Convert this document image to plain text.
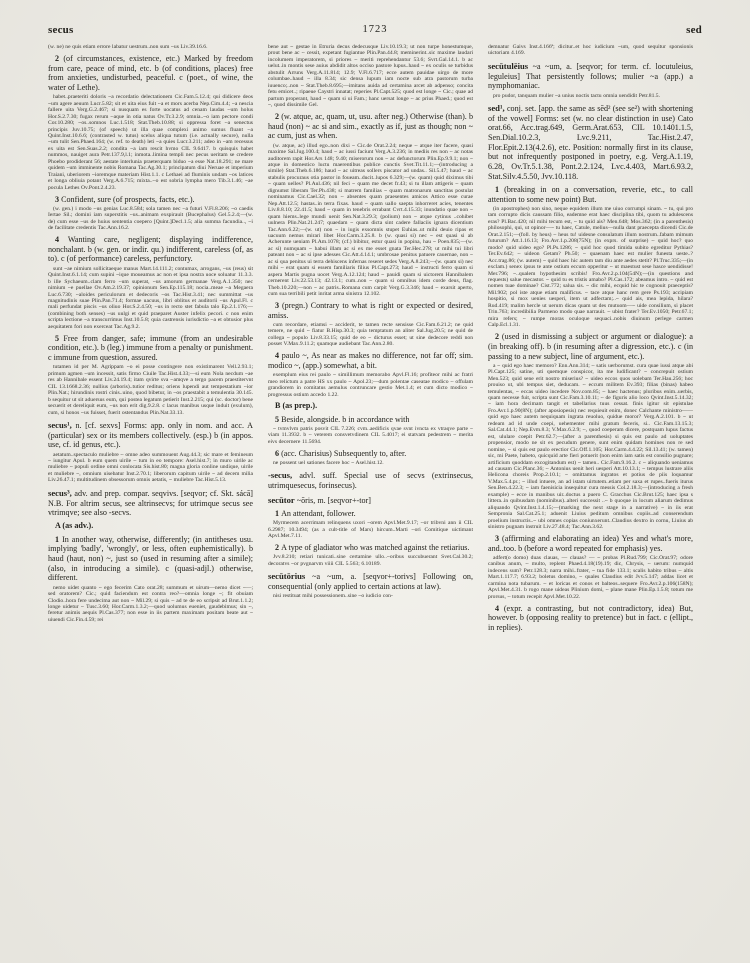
secus	1723	sed

(w. ne) ne quis etiam errore labatur uestrum..non sum ~us Liv.39.16.6.

2 (of circumstances, existence, etc.) Marked by freedom from care, peace of mind, etc. b (of conditions, places) free from anxieties, undisturbed, peaceful. c (poet., of wine, the water of Lethe).

habet..praeteriti doloris ~a recordatio delectationem Cic.Fam.5.12.4; qui didicere deos ~um agere aeuum Lucr.5.82; sit et uita eius fuit ~a et mors acerba Nep.Cim.4.4; ~a nescia fallere uita Verg.G.2.467; si nusquam es forte uocatus ad cenam laudas ~um holus Hor.S.2.7.30; fugax rerum ~aque in otia natus Ov.Tr.3.2.9; omnia..~o iam pectore condi Cor.10.280; ~os..somnos Luc.1.518; Stat.Theb.10.88; si oppressa foret ~a senectus principis Juv.10.75; (of speech) ut illa quae complexi animo sumus fluant ~a Quint.Inst.10.6.6; (contrasted w. tutus) scelus aliqua tutum (i.e. actually secure), nulla ~um tulit Sen.Phaed.164; (w. ref. to death) leti ~a quies Lucr.3.211; adeo in ~am recessus ex uita est Sen.Suas.2.2; condita ~a iam rescit hvmo CIL 9.6417. b quisquis habet nummos, nauiget aura Petr.137.9,l.1; inmota..limina templi nec pecus ueritam se credere Phoebo prodiderant 56; aestate interlunia praeterquam biduo ~a esse Nat.18.291; ne mare quidem ~um imminente nobis Romana Tac.Ag.30.1; principatum diui Neruae et imperium Traiani, uberiorem ~ioremque materiam Hist.1.1. c Lethaei ad fluminis undam ~os latices et longa obliuia potant Verg.A.6.715; mixta..~o est sobria lympha mero Tib.3.1.46; ~ae pocula Lethes Ov.Pont.2.4.23.

3 Confident, sure (of prospects, facts, etc.).

(w. gen.) i modo ~us genias Luc.8.584; sola tamen nec ~a futuri V.Fl.8.206; ~o caedis Iertae Sil.; domini iam superstitis ~us..animam exspirauit (Bucephalus) Gel.5.2.4;—(w. de) cum esse ~us de huius sententia coepero [Quint.]Decl.1.5; alia summa facundia.., ~i de facilitate credentis Tac.Ann.16.2.

4 Wanting care, negligent; displaying indifference, nonchalant. b (w. gen. or indir. qu.) indifferent, careless (of, as to). c (of performance) careless, perfunctory.

sunt ~ae nimium sollicitaeque manus Mart.14.111.2; contumax, arrogans, ~us (reus) sit Quint.Inst.6.1.14; cum supini ~ique moueamus ac non et ipsa nostra uoce soluatur 11.3.3. b ille Sychaeum..clam ferro ~um superat, ~us amorum germanae Verg.A.1.350; nec nimium ~e puellae Ov.Am.2.19.37; opinionum Sen.Ep.115.18; nocia..meae ~a Megaera Luc.6.730; ~aloides periculorum et dedecoris ~os Tac.Hist.3.41; nec summittat ~us magnitudinis suae Plin.Pan.71.4; formae uacuus, libri oblitus et auditorii ~us Apul.Fl. c mali perfundat piscis ~us oliuo Hor.S.2.4.50; ~us in recto stet fabula talo Ep.2.1.176;—(combining both senses) ~us uulgi et quid praeparet Auster infelix pecori. c non enim scripta lectione ~a transcurrimus Inst.10.5.8; quia castrensis iurisdictio ~a et obtusior plus aequitatem fori non exerceat Tac.Ag.9.2.

5 Free from danger, safe; immune (from an undesirable condition, etc.). b (leg.) immune from a penalty or punishment. c immune from question, assured.

tutamen id per M. Agrippam ~o ei posse contingere non existimarent Vell.2.93.1; primum agmen ~um incessit, satis firmo Ciuile Tac.Hist.4.33;—si eum Nola necdum ~ae res ab Hannibale essent Liv.24.19.4; itam qvirte sva ~amqve a tergo pacem praestitervnt CIL 13.1668.2.36; nullius (arboris)..tutior reditus; oriens lupendi aut tempestatium ~ior Plin.Nat.; hirundinis rostri cinis..uino, quod bibetur, in ~os praestabit a temulentia 30.145. b sequitur ut sit aduersus eum, qui postea legatum petierit Inst.2.215; qui (sc. doctor) bene secuerit et dereliquit eum, ~us non erit dig.9.2.8. c lacus manibus usque induit (exulum), cum, si honos ~us fuisset, fuerit ostentandus Plin.Nat.33.13.

secus¹, n. [cf. sexvs] Forms: app. only in nom. and acc. A (particular) sex or its members collectively. (esp.) b (in appos. use, cf. id genus, etc.).

aetatum..spectaculo muliebre ~ omne adeo summouent Aug.44.3; sic mare et femineum ~ iungitur Apul. b eum quem uirile ~ tum in eo tempore: Asel.hist.7; in muro uirile ac muliebre ~ populi ordine omni conlocata Sis.hist.80; magna gloria conline undique, uirile et muliebre ~, omnium uisebatur Inst.2.70.1; liberorum capitum uirile ~ ad decem milia Liv.26.47.1; multitudinem obsessorum omnis aetatis, ~ muliebre Tac.Hist.5.13.

secus³, adv. and prep. compar. seqvivs. [seqvor; cf. Skt. sácā] N.B. For altrim secus, see altrinsecvs; for utrimque secus see vtrimqve; see also -secvs.

A (as adv.).

1 In another way, otherwise, differently; (in antitheses usu. implying 'badly', 'wrongly', or less, often euphemistically). b haud (haut, non) ~, just so (used in resuming after a simile); (also, in introducing a simile). c (quasi-adjl.) otherwise, different.

nemo uidet quanto ~ ego fecerim Cato orat.28; summum et uirum—nemo dicet ~—; sed oratorem? Cic.; quid faciendum est contra reo?—omnia longe ~; fit obuiam Clodio..hora fere undecima aut non ~ Mil.29; si quis ~ ad te de eo scripsit ad Brut.1.1.2; longe uidetur ~ Tusc.3.60; Hor.Carm.1.3.2;—quod uolumus eueniet, gaudebimus; sin ~, feretur animis aequis Pl.Cas.377; non esse in iis partem maximam positam beate aut ~ uiuendi Cic.Fin.4.59; rei

bene aut ~ gestae in Etruria decus dedecusque Liv.10.19.3; ut non turpe honestumque, prout bene ac ~ cessit, expetant fugiantue Plin.Pan.44.8; meminerint..sic maxime laudari incolumem imperatorem, si priores ~ meriti reprehendantur 53.6; Svrt.Gal.14.1. b ac uelut..in montis sese auius abdidit altos occiso pastore lupus..haud ~ ex oculis se turbidus abstulit Arruns Verg.A.11.814; 12.9; V.Fl.6.717; ecce autem pauidae uirgo de more columbae..haud ~ illa 8.34; sic densa lupum iam nocte sub atra pastorum turba iuuenco;..non ~ Stat.Theb.8.695;—imitans auida ad certamina arcet ab adpenso; concita fetu emicet..; ripaeue Caystri innatat; reperies Pl.Capt.525; quod est longe ~ Cic.; quae ad partum properant, haud ~ quam si ui Fam.; hanc uersat longe ~ ac prius Phaed.; quod est ~, quod dissimile Gel.

2 (w. atque, ac, quam, ut, usu. after neg.) Otherwise (than). b haud (non) ~ ac si and sim., exactly as if, just as though; non ~ ac cum, just as when.

(w. atque, ac) illud ego..non dixi ~ Cic.de Orat.2.24; neque ~ atque iter facere, quasi maxime Sal.Jug.100.4; haud ~ ac iussi faciunt Verg.A.3.236; in mediis res non ~ ac notas auditorem rapit Hor.Ars 148; 9.40; miserorum non ~ ac defunctorum Plin.Ep.9.9.1; non ~ atque in domestico luctu maerentibus publice cunctis Svet.Tit.11.1;—(introducing a simile) Stat.Theb.6.186; haud ~ ac uitreas sollers piscator ad undas.. Sil.5.47; haud ~ ac stabulis procuraus otia pastor in foueam..ducit..lupos 6.329;—(w. quam) quid diximus tibi ~ quam uelles? Pl.Aul.436; nil feci ~ quam me decet fr.43; si tu illam attigeris ~ quam dignumst liberam Ter.Ph.438; si matrem familias ~ quam matronarum sanctitas postulat nominamus Cic.Cael.32; non ~ absentes quam praesentes amicos Attico esse curae Nep.Att.12.5; hastas..in terra fixas. haud ~ quam uallo saepta inhorreret acies, tenentes Liv.8.8.10; 22.41.5; haud ~ quam in tenebris errabant Cvrt.4.15.33; inundatio quae non ~ quam hiems..lege mundi uenit Sen.Nat.3.29.3; (polium) non ~ atque cytinus ..cohibet uulnera Plin.Nat.21.247; quaedam ~ quam dicta sint cadere fallaciis ignara dicentium Tac.Ann.6.22;—(w. ut) non ~ in iugis exsomnis stupet Euhias..ut mihi deuio ripas et uacuum nemus mirari libet Hor.Carm.3.25.8. b (w. quasi si) nec ~ est quasi si ab Acherunte ueniam Pl.Am.1078; (cf.) bibitur, estur quasi in popina, hau ~ Poen.835;—(w. ac si) numquam ~ habui illam ac si ex me esset gnata Ter.Hec.278; ut mihi tui libri pateant non ~ ac si ipse adesses Cic.Att.4.14.1; umbrosae penitus patuere cauernae, non ~ ac si qua penitus ui terra dehiscens infernas reseret sedes Verg.A.8.243;—(w. quam si) nec mihi ~ erat quam si essem familiaris filius Pl.Capt.273; haud ~ instructi ferro quam si aspera Martis pugna uocet Verg.A.12.124; haud ~ pauidi quam si uictorem Hannibalem cernerent Liv.22.53.13; 42.13.1; cum..non ~ quam si omnibus idem corde deus, flag. Theb.10.220;—non ~ ac patris..Romana cum carpit Verg.G.3.346; haud ~ exarsit aperto, cum sua terribili petit inritat arma sinistra 12.102.

3 (pregn.) Contrary to what is right or expected or desired, amiss.

cum recordare, etiamsi ~ acciderit, te tamen recte sensisse Cic.Fam.6.21.2; ne quid temere, ne quid ~ fiatur B.Hisp.30.3; quia temptatum an aliter Sal.Jug.20.5; ne quid de collega ~ populo Liv.8.33.15; quid de eo ~ dicturus esset; ut sine dedecore reddi non posset V.Max.9.11.2; quamque audiebant Tac.Ann.2.80.

4 paulo ~, As near as makes no difference, not far off; sim. modico ~, (app.) somewhat, a bit.

exemplum eius rei paulo ~ simillimum memorabo Apvl.Fl.16; profiteor mihi ac fratri meo relictum a patre HS xx paulo ~ Apol.23;—dum polentae caseatae modico ~ offulam grandiorem in comitatus aemulus contruncare gestio Met.1.4; et cum dicto modico ~ progressus ostium accedo 1.22.

B (as prep.).

5 Beside, alongside. b in accordance with

~ tvmvlvm patris posvit CIL 7.226; cvm..aedificis qvae svnt ivncta ex vtraqve parte ~ viam 11.3932. b ~ veterem consvetvdinem CIL 5.4017; ei statvam pedestrem ~ merita eivs decernere 11.5694.

6 (acc. Charisius) Subsequently to, after.

ne possent uel sationes facere hoc ~ Asel.hist.12.

-secus, advl. suff. Special use of secvs (extrinsecus, utrimquesecus, forinsecus).

secūtor ~ōris, m. [seqvor+-tor]

1 An attendant, follower.

Myrmecem acerrimam relinquens uxori ~orem Apvl.Met.9.17; ~or tribvni ann ii CIL 6.2987; 10.3494; (as a cult-title of Mars) hircum..Marti ~ori Comitique uictimant Apvl.Met.7.11.

2 A type of gladiator who was matched against the retiarius.

Jvv.8.210; retiari tunicati..sine certamine ullo..~oribus succubuerant Svet.Cal.30.2; decoratvs ~or pvgnarvm viiii CIL 5.563; 6.10189.

secūtōrius ~a ~um, a. [seqvor+-torivs] Following on, consequential (only applied to certain actions at law).

nisi restituat mihi possessionem..sine ~o iudicio con-

demnatur Gaivs Inst.4.166ª; dicitur..et hoc iudicium ~um, quod sequitur sponsionis uictoriam 4.169.

secūtulēius ~a ~um, a. [seqvor; for term. cf. locutuleius, leguleius] That persistently follows; mulier ~a (app.) a nymphomaniac.

pro pudor, tanquam mulier ~a unius noctis tactu omnia uendidit Petr.81.5.

sed¹, conj. set. [app. the same as sēd² (see se²) with shortening of the vowel] Forms: set (w. no clear distinction in use) Cato orat.66, Acc.trag.649, Germ.Arat.653, CIL 10.1401.1.5, Sen.Dial.10.2.3, Lvc.9.211, Tac.Hist.2.47, Flor.Epit.2.13(4.2.6), etc. Position: normally first in its clause, but not infrequently postponed in poetry, e.g. Verg.A.1.19, 6.28, Ov.Tr.5.1.38, Pont.2.2.124, Lvc.4.403, Mart.6.93.2, Stat.Silv.4.5.50, Jvv.10.118.

1 (breaking in on a conversation, reverie, etc., to call attention to some new point) But.

(in apostrophes) non sino, neque equidem illum me uiuo corrumpi sinam. ~ tu, qui pro tam corrupto dicis caussam filio, eademne erat haec disciplina tibi, quom tu adulescens eras? Pl.Bac.420; nil mihi tecum est, ~ tu quid ais? Men.648; Mos.362; (in a parenthesis) philosophi, qui, ut opinor—~ tu haec, Catule, melius—nulla dant praecepta dicendi Cic.de Orat.2.151;—(foll. by heus) ~ heus tu! uidesne consulatum illum nostrum..fabam mimum futurum? Att.1.16.13; Fro.Avr.1.p.208(75N); (in exprs. of surprise) ~ quid hoc? quo modo? quid uideo ego? Pl.Ps.1286; ~ quid hoc quod timida subito egreditur Pythias? Ter.Ev.642; ~ uideon Getam? Ph.50; ~ quaenam haec est mulier funesta ueste..? Acc.trag.86; (w. autem) ~ quid haec hic autem tam diu ante aedes stetit? Pl.Truc.335;—(in exclam.) senex ipsus te ante ostium eccum opperitur ~ ut maestust sese hasce uendidisse! Mer.796; ~..qualem hypothesim scribis! Fro.Avr.2.p.104(54N);—(in questions and requests) salue mecastor. ~ quid tu es tristis amabo? Pl.Cas.172; abeamus intro. ~ quid est nomen tuae dominae? Cist.772; salua sis. ~ dic mihi, ecquid hic te cognouit praeceptis? Mil.902; pol iste atque etiam malificus. ~ tace atque hanc rem gere Ps.193; accipiam hospitio, si mox uenies uesperi, item ut adfectam;..~ quid ais, mea lepida, hilara? Rud.419; malim hercle ut uerum dicas quam ut des mutuom—~ uide consilium, si placet Trin.763; incredibilia Parmeno modo quae narrauit. ~ ubist frater? Ter.Ev.1050; Petr.67.1; mira refers; ~ rumpe moras oculoque sequaci..nobis diuinum perlege carmen Calp.Ecl.1.31.

2 (used in dismissing a subject or argument or dialogue): a (in breaking off). b (in resuming after a digression, etc.). c (in passing to a new subject, line of argument, etc.).

a ~ quid ego haec memoro? Enn.Ann.314; ~ satis uerborumst. cura quae iussi atque abi Pl.Capt.125; satine, uti quemque conspicor, ita me ludificant? ~ concrepuit ostium Men.523; quid sene erit nostro miserius? ~ uideo eccos quos uolebam Ter.Hau.256; hoc prouiso ut, ubi tempus siet, deducam. ~ eccum militem Ev.393; filias (binas) habeo temulentas, ~ eccas uideo incedere Nov.com.85; ~ haec hactenus; pluribus enim..uerbis, quam necesse fuit, scripta sunt Cic.Fam.3.10.11; ~ de figuris alio loco Qvint.Inst.5.14.32; ~ iam hora decimam tangit et tabellarius tuus cessat. finis igitur sit epistulae Fro.Avr.1.p.90(8N); (after aposiopesis) nec requieuit enim, donec Calchante ministro—— quid ego haec autem nequiquam ingrata reuoluo, quidue moror? Verg.A.2.101. b ~ ut redeam ad id unde coepi, uehementer mihi gratum feceris, si.. Cic.Fam.13.15.3; Sal.Cat.44.1; Nep.Evm.8.3; V.Max.6.2.9; ~, quod coeperam dicere, postquam lupus factus est, ululare coepit Petr.62.7;—(after a parenthesis) si quis est paulo ad uoluptates propensior, modo ne sit ex pecudum genere, sunt enim quidam homines non re sed nomine, ~ si quis est paulo erectior Cic.Off.1.105; Hor.Carm.4.4.22; Sil.13.41; (w. tamen) sic, mi Paete, habeto, quicquid arte fieri potuerit (non enim iam satis est consilio pugnare; artificium quoddam excogitandum est) ~ tamen.. Cic.Fam.9.16.2. c ~ aliquando ueniamus ad causam Cic.Planc.36; ~ Antonius uenit heri uesperi Att.10.13.1; ~ tempus lustrare aliis Helicona choreis Prop.2.10.1; ~ omittamus ingratos et potius de piis loquamur V.Max.5.4.pr.; ~ illud intuere, an ad istam uirtutem..etiam per saxa et rupes..fueris iturus Sen.Ben.4.22.3; ~ iam faenisicia insequitur cura messis Col.2.18.3;—(introducing a fresh example) ~ ecce in manibus uir..doctus a puero C. Gracchus Cic.Brut.125; haec ipsa s littera..in quibusdam (nominibus)..alteri successit ..~ b quoque in locum aliarum dedimus aliquando Qvint.Inst.1.4.15;—(marking the next stage in a narrative) ~ in iis erat Sempronia Sal.Cat.25.1; aduenit Liuius peditum omnibus copiis..ad conserendum proelium instructis..~ ubi omnes copias coniunxerunt..Claudius dextro in cornu, Liuius ab sinistro pugnam instruit Liv.27.48.4; Tac.Ann.3.62.

3 (affirming and elaborating an idea) Yes and what's more, and..too. b (before a word repeated for emphasis) yes.

adfert(o domo) duas clauas, — clauas? — ~ probas Pl.Rud.799; Cic.Orat.97; odore canibus anum, ~ multo, replent Phaed.4.18(19).19; dic, Chrysis, ~ uerum: numquid indecens sum? Petr.128.3; narra mihi..frater, ~ tua fide 133.1; scalis habito tribus ~ altis Mart.1.117.7; 6.93.2; boletus domino, ~ quales Claudius edit Jvv.5.147; addas licet et carmina nota tubarum. ~ et loricas et conos et balteos..sequere Fro.Avr.2.p.106(158N); Apvl.Met.4.31. b rogo mane uideas Plinium domi, ~ plane mane Plin.Ep.1.5.8; totum me prorsus, ~ totum recepit Apvl.Met.10.22.

4 (expr. a contrasting, but not contradictory, idea) But, however. b (opposing reality to pretence) but in fact. c (ellipt., in replies).
